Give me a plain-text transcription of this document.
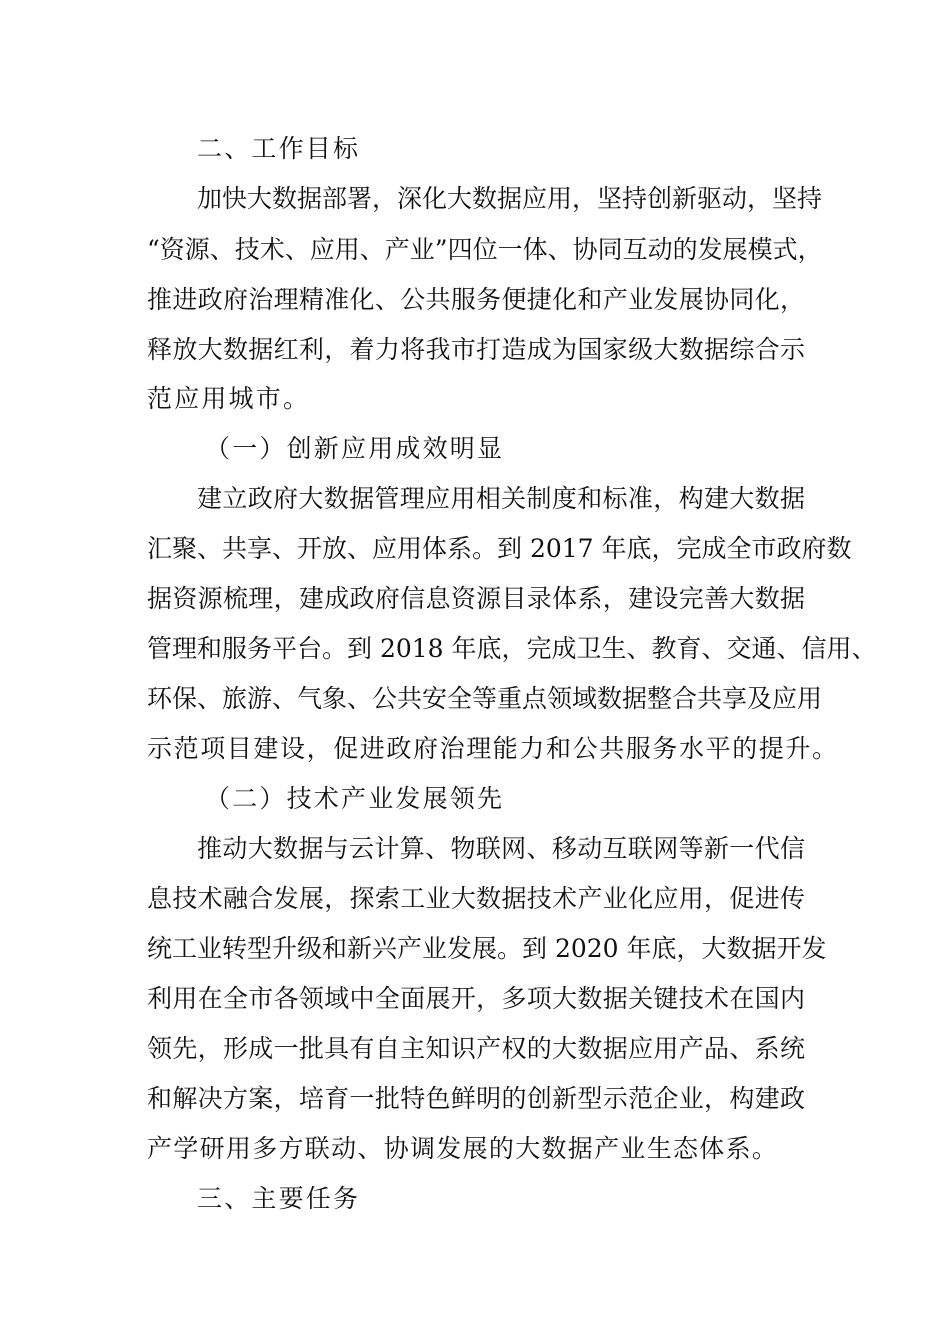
二、工作目标
加快大数据部署，深化大数据应用，坚持创新驱动，坚持
“资源、技术、应用、产业”四位一体、协同互动的发展模式，
推进政府治理精准化、公共服务便捷化和产业发展协同化，
释放大数据红利，着力将我市打造成为国家级大数据综合示
范应用城市。
（一）创新应用成效明显
建立政府大数据管理应用相关制度和标准，构建大数据
汇聚、共享、开放、应用体系。到 2017 年底，完成全市政府数
据资源梳理，建成政府信息资源目录体系，建设完善大数据
管理和服务平台。到 2018 年底，完成卫生、教育、交通、信用、
环保、旅游、气象、公共安全等重点领域数据整合共享及应用
示范项目建设，促进政府治理能力和公共服务水平的提升。
（二）技术产业发展领先
推动大数据与云计算、物联网、移动互联网等新一代信
息技术融合发展，探索工业大数据技术产业化应用，促进传
统工业转型升级和新兴产业发展。到 2020 年底，大数据开发
利用在全市各领域中全面展开，多项大数据关键技术在国内
领先，形成一批具有自主知识产权的大数据应用产品、系统
和解决方案，培育一批特色鲜明的创新型示范企业，构建政
产学研用多方联动、协调发展的大数据产业生态体系。
三、主要任务
